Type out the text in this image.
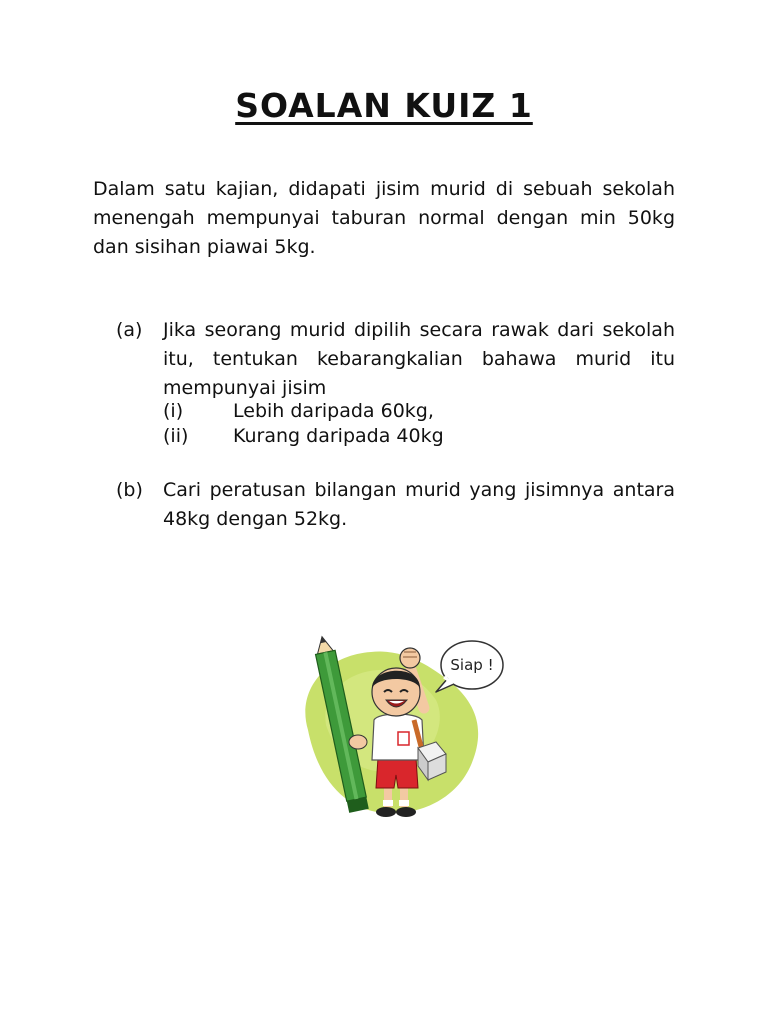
SOALAN KUIZ 1
Dalam satu kajian, didapati jisim murid di sebuah sekolah menengah mempunyai taburan normal dengan min 50kg dan sisihan piawai 5kg.
(a)	Jika seorang murid dipilih secara rawak dari sekolah itu, tentukan kebarangkalian bahawa murid itu mempunyai jisim
(i)	Lebih daripada 60kg,
(ii) Kurang daripada 40kg
(b)	Cari peratusan bilangan murid yang jisimnya antara 48kg dengan 52kg.
Siap !
